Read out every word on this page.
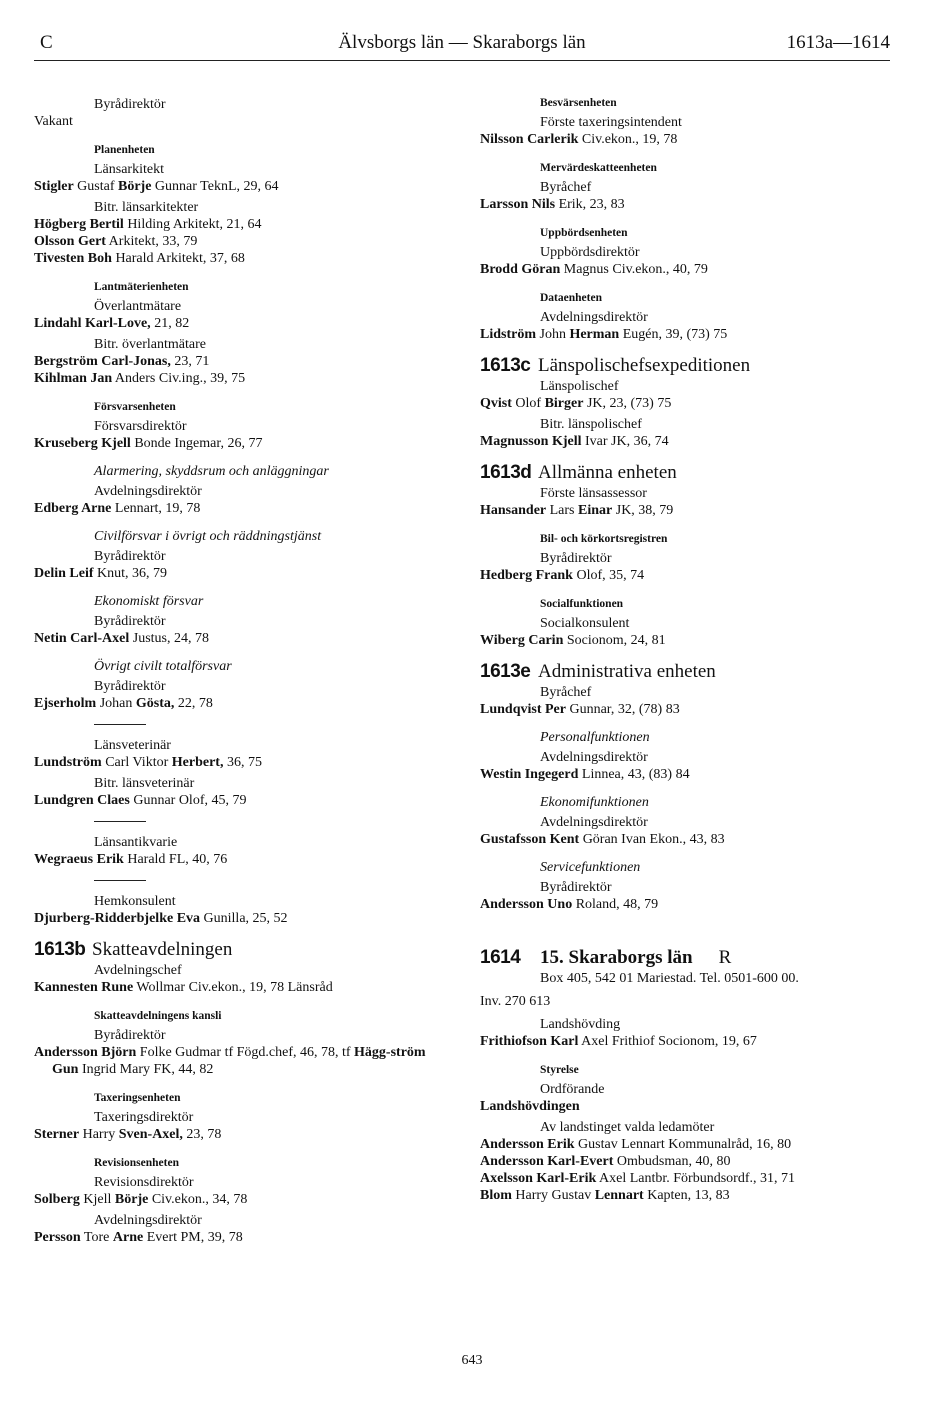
C	Älvsborgs län — Skaraborgs län	1613a—1614
Byrådirektör
Vakant
Planenheten
Länsarkitekt
Stigler Gustaf Börje Gunnar TeknL, 29, 64
Bitr. länsarkitekter
Högberg Bertil Hilding Arkitekt, 21, 64
Olsson Gert Arkitekt, 33, 79
Tivesten Boh Harald Arkitekt, 37, 68
Lantmäterienheten
Överlantmätare
Lindahl Karl-Love, 21, 82
Bitr. överlantmätare
Bergström Carl-Jonas, 23, 71
Kihlman Jan Anders Civ.ing., 39, 75
Försvarsenheten
Försvarsdirektör
Kruseberg Kjell Bonde Ingemar, 26, 77
Alarmering, skyddsrum och anläggningar
Avdelningsdirektör
Edberg Arne Lennart, 19, 78
Civilförsvar i övrigt och räddningstjänst
Byrådirektör
Delin Leif Knut, 36, 79
Ekonomiskt försvar
Byrådirektör
Netin Carl-Axel Justus, 24, 78
Övrigt civilt totalförsvar
Byrådirektör
Ejserholm Johan Gösta, 22, 78
Länsveterinär
Lundström Carl Viktor Herbert, 36, 75
Bitr. länsveterinär
Lundgren Claes Gunnar Olof, 45, 79
Länsantikvarie
Wegraeus Erik Harald FL, 40, 76
Hemkonsulent
Djurberg-Ridderbjelke Eva Gunilla, 25, 52
1613b Skatteavdelningen
Avdelningschef
Kannesten Rune Wollmar Civ.ekon., 19, 78 Länsråd
Skatteavdelningens kansli
Byrådirektör
Andersson Björn Folke Gudmar tf Fögd.chef, 46, 78, tf Hägg-ström Gun Ingrid Mary FK, 44, 82
Taxeringsenheten
Taxeringsdirektör
Sterner Harry Sven-Axel, 23, 78
Revisionsenheten
Revisionsdirektör
Solberg Kjell Börje Civ.ekon., 34, 78
Avdelningsdirektör
Persson Tore Arne Evert PM, 39, 78
Besvärsenheten
Förste taxeringsintendent
Nilsson Carlerik Civ.ekon., 19, 78
Mervärdeskatteenheten
Byråchef
Larsson Nils Erik, 23, 83
Uppbördsenheten
Uppbördsdirektör
Brodd Göran Magnus Civ.ekon., 40, 79
Dataenheten
Avdelningsdirektör
Lidström John Herman Eugén, 39, (73) 75
1613c Länspolischefsexpeditionen
Länspolischef
Qvist Olof Birger JK, 23, (73) 75
Bitr. länspolischef
Magnusson Kjell Ivar JK, 36, 74
1613d Allmänna enheten
Förste länsassessor
Hansander Lars Einar JK, 38, 79
Bil- och körkortsregistren
Byrådirektör
Hedberg Frank Olof, 35, 74
Socialfunktionen
Socialkonsulent
Wiberg Carin Socionom, 24, 81
1613e Administrativa enheten
Byråchef
Lundqvist Per Gunnar, 32, (78) 83
Personalfunktionen
Avdelningsdirektör
Westin Ingegerd Linnea, 43, (83) 84
Ekonomifunktionen
Avdelningsdirektör
Gustafsson Kent Göran Ivan Ekon., 43, 83
Servicefunktionen
Byrådirektör
Andersson Uno Roland, 48, 79
1614	15. Skaraborgs län R
Box 405, 542 01 Mariestad. Tel. 0501-600 00.
Inv. 270 613
Landshövding
Frithiofson Karl Axel Frithiof Socionom, 19, 67
Styrelse
Ordförande
Landshövdingen
Av landstinget valda ledamöter
Andersson Erik Gustav Lennart Kommunalråd, 16, 80
Andersson Karl-Evert Ombudsman, 40, 80
Axelsson Karl-Erik Axel Lantbr. Förbundsordf., 31, 71
Blom Harry Gustav Lennart Kapten, 13, 83
643
